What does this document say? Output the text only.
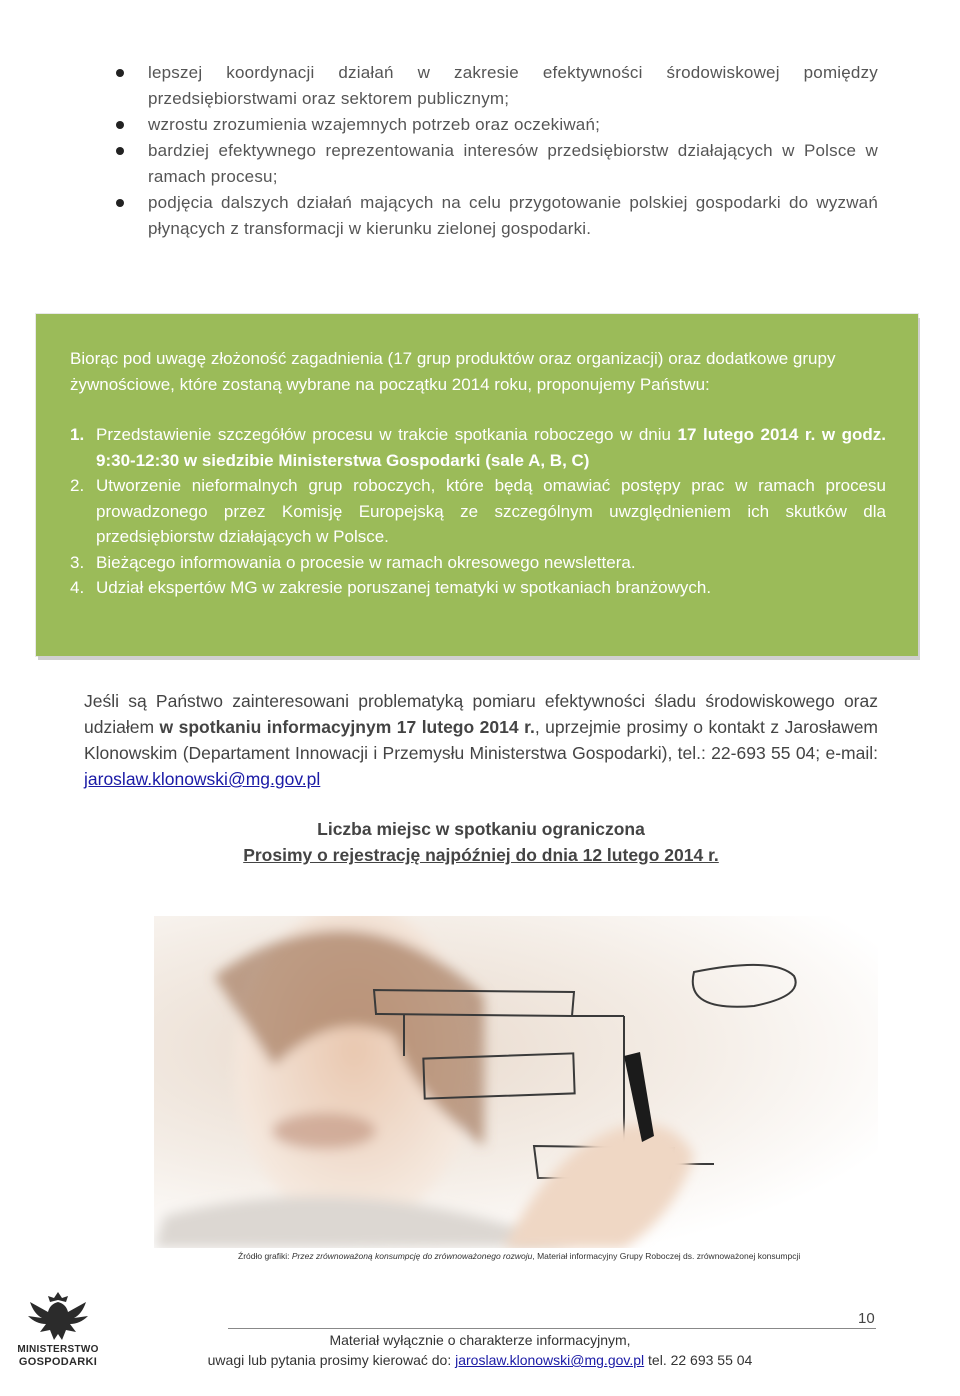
lepszej koordynacji działań w zakresie efektywności środowiskowej pomiędzy przedsiębiorstwami oraz sektorem publicznym;
wzrostu zrozumienia wzajemnych potrzeb oraz oczekiwań;
bardziej efektywnego reprezentowania interesów przedsiębiorstw działających w Polsce w ramach procesu;
podjęcia dalszych działań mających na celu przygotowanie polskiej gospodarki do wyzwań płynących z transformacji w kierunku zielonej gospodarki.
Biorąc pod uwagę złożoność zagadnienia (17 grup produktów oraz organizacji) oraz dodatkowe grupy żywnościowe, które zostaną wybrane na początku 2014 roku, proponujemy Państwu:
1. Przedstawienie szczegółów procesu w trakcie spotkania roboczego w dniu 17 lutego 2014 r. w godz. 9:30-12:30 w siedzibie Ministerstwa Gospodarki (sale A, B, C)
2. Utworzenie nieformalnych grup roboczych, które będą omawiać postępy prac w ramach procesu prowadzonego przez Komisję Europejską ze szczególnym uwzględnieniem ich skutków dla przedsiębiorstw działających w Polsce.
3. Bieżącego informowania o procesie w ramach okresowego newslettera.
4. Udział ekspertów MG w zakresie poruszanej tematyki w spotkaniach branżowych.
Jeśli są Państwo zainteresowani problematyką pomiaru efektywności śladu środowiskowego oraz udziałem w spotkaniu informacyjnym 17 lutego 2014 r., uprzejmie prosimy o kontakt z Jarosławem Klonowskim (Departament Innowacji i Przemysłu Ministerstwa Gospodarki), tel.: 22-693 55 04; e-mail: jaroslaw.klonowski@mg.gov.pl
Liczba miejsc w spotkaniu ograniczona
Prosimy o rejestrację najpóźniej do dnia 12 lutego 2014 r.
Źródło grafiki: Przez zrównoważoną konsumpcję do zrównoważonego rozwoju, Materiał informacyjny Grupy Roboczej ds. zrównoważonej konsumpcji
MINISTERSTWO
GOSPODARKI
10
Materiał wyłącznie o charakterze informacyjnym,
uwagi lub pytania prosimy kierować do: jaroslaw.klonowski@mg.gov.pl tel. 22 693 55 04
